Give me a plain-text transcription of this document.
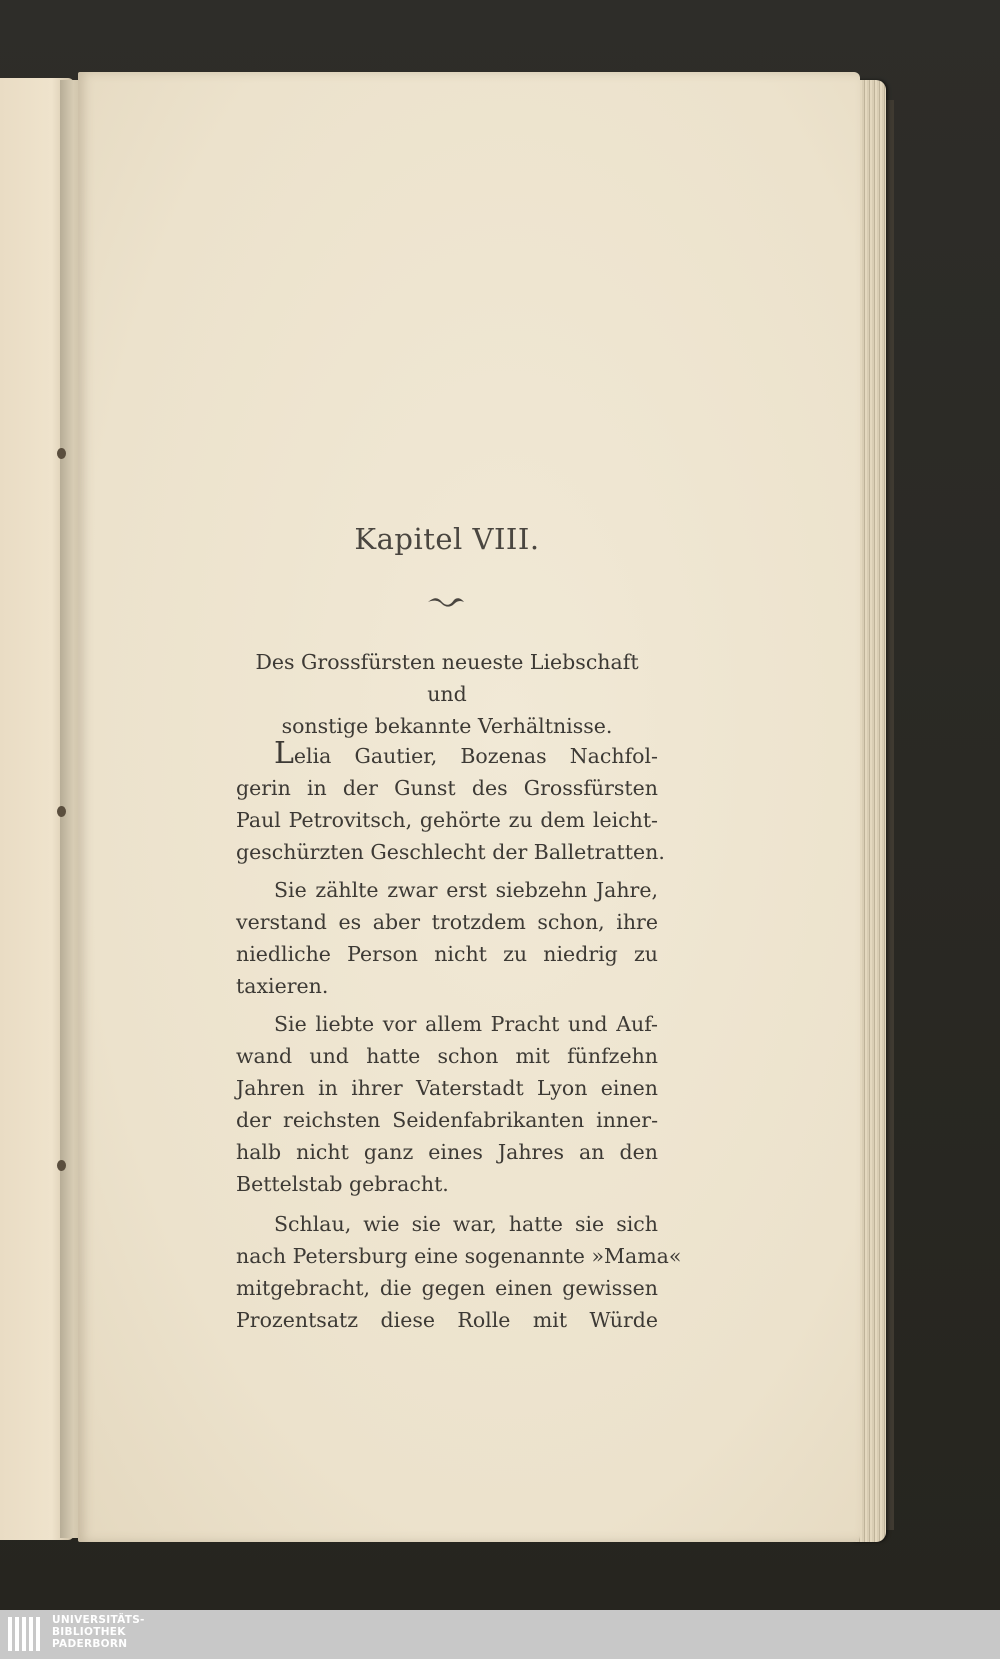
Kapitel VIII.
Des Grossfürsten neueste Liebschaft und
sonstige bekannte Verhältnisse.
Lelia Gautier, Bozenas Nachfol-
gerin in der Gunst des Grossfürsten
Paul Petrovitsch, gehörte zu dem leicht-
geschürzten Geschlecht der Balletratten.
Sie zählte zwar erst siebzehn Jahre,
verstand es aber trotzdem schon, ihre
niedliche Person nicht zu niedrig zu
taxieren.
Sie liebte vor allem Pracht und Auf-
wand und hatte schon mit fünfzehn
Jahren in ihrer Vaterstadt Lyon einen
der reichsten Seidenfabrikanten inner-
halb nicht ganz eines Jahres an den
Bettelstab gebracht.
Schlau, wie sie war, hatte sie sich
nach Petersburg eine sogenannte »Mama«
mitgebracht, die gegen einen gewissen
Prozentsatz diese Rolle mit Würde
UNIVERSITÄTS-
BIBLIOTHEK
PADERBORN
